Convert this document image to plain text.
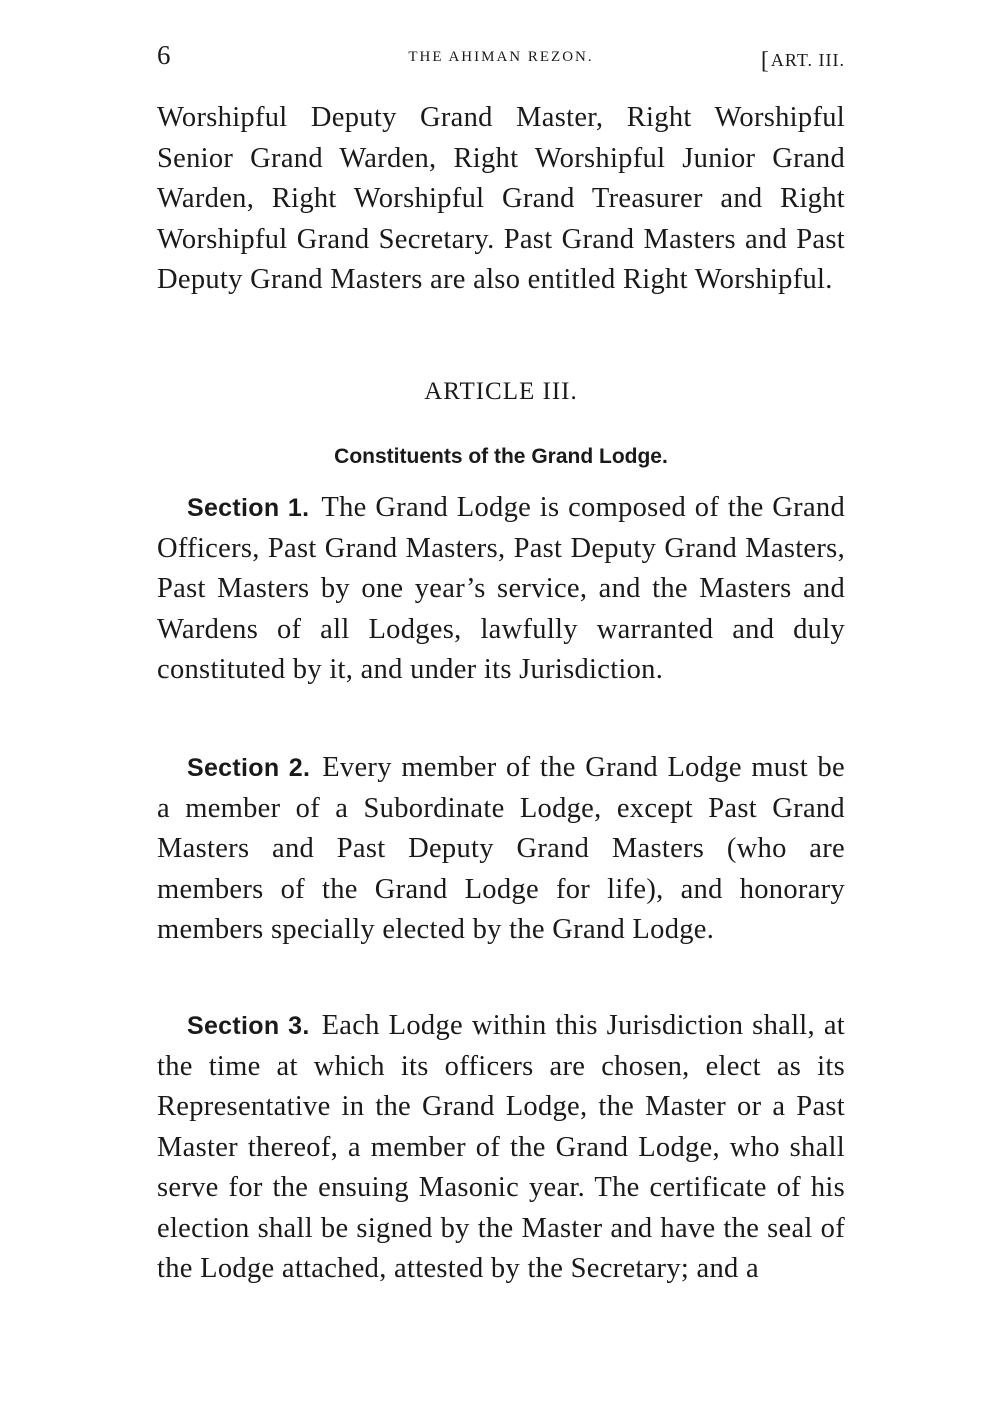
6	THE AHIMAN REZON.	[ART. III.

Worshipful Deputy Grand Master, Right Worshipful Senior Grand Warden, Right Worshipful Junior Grand Warden, Right Worshipful Grand Treasurer and Right Worshipful Grand Secretary. Past Grand Masters and Past Deputy Grand Masters are also entitled Right Worshipful.

ARTICLE III.
Constituents of the Grand Lodge.

Section 1. The Grand Lodge is composed of the Grand Officers, Past Grand Masters, Past Deputy Grand Masters, Past Masters by one year’s service, and the Masters and Wardens of all Lodges, lawfully warranted and duly constituted by it, and under its Jurisdiction.

Section 2. Every member of the Grand Lodge must be a member of a Subordinate Lodge, except Past Grand Masters and Past Deputy Grand Masters (who are members of the Grand Lodge for life), and honorary members specially elected by the Grand Lodge.

Section 3. Each Lodge within this Jurisdiction shall, at the time at which its officers are chosen, elect as its Representative in the Grand Lodge, the Master or a Past Master thereof, a member of the Grand Lodge, who shall serve for the ensuing Masonic year. The certificate of his election shall be signed by the Master and have the seal of the Lodge attached, attested by the Secretary; and a
